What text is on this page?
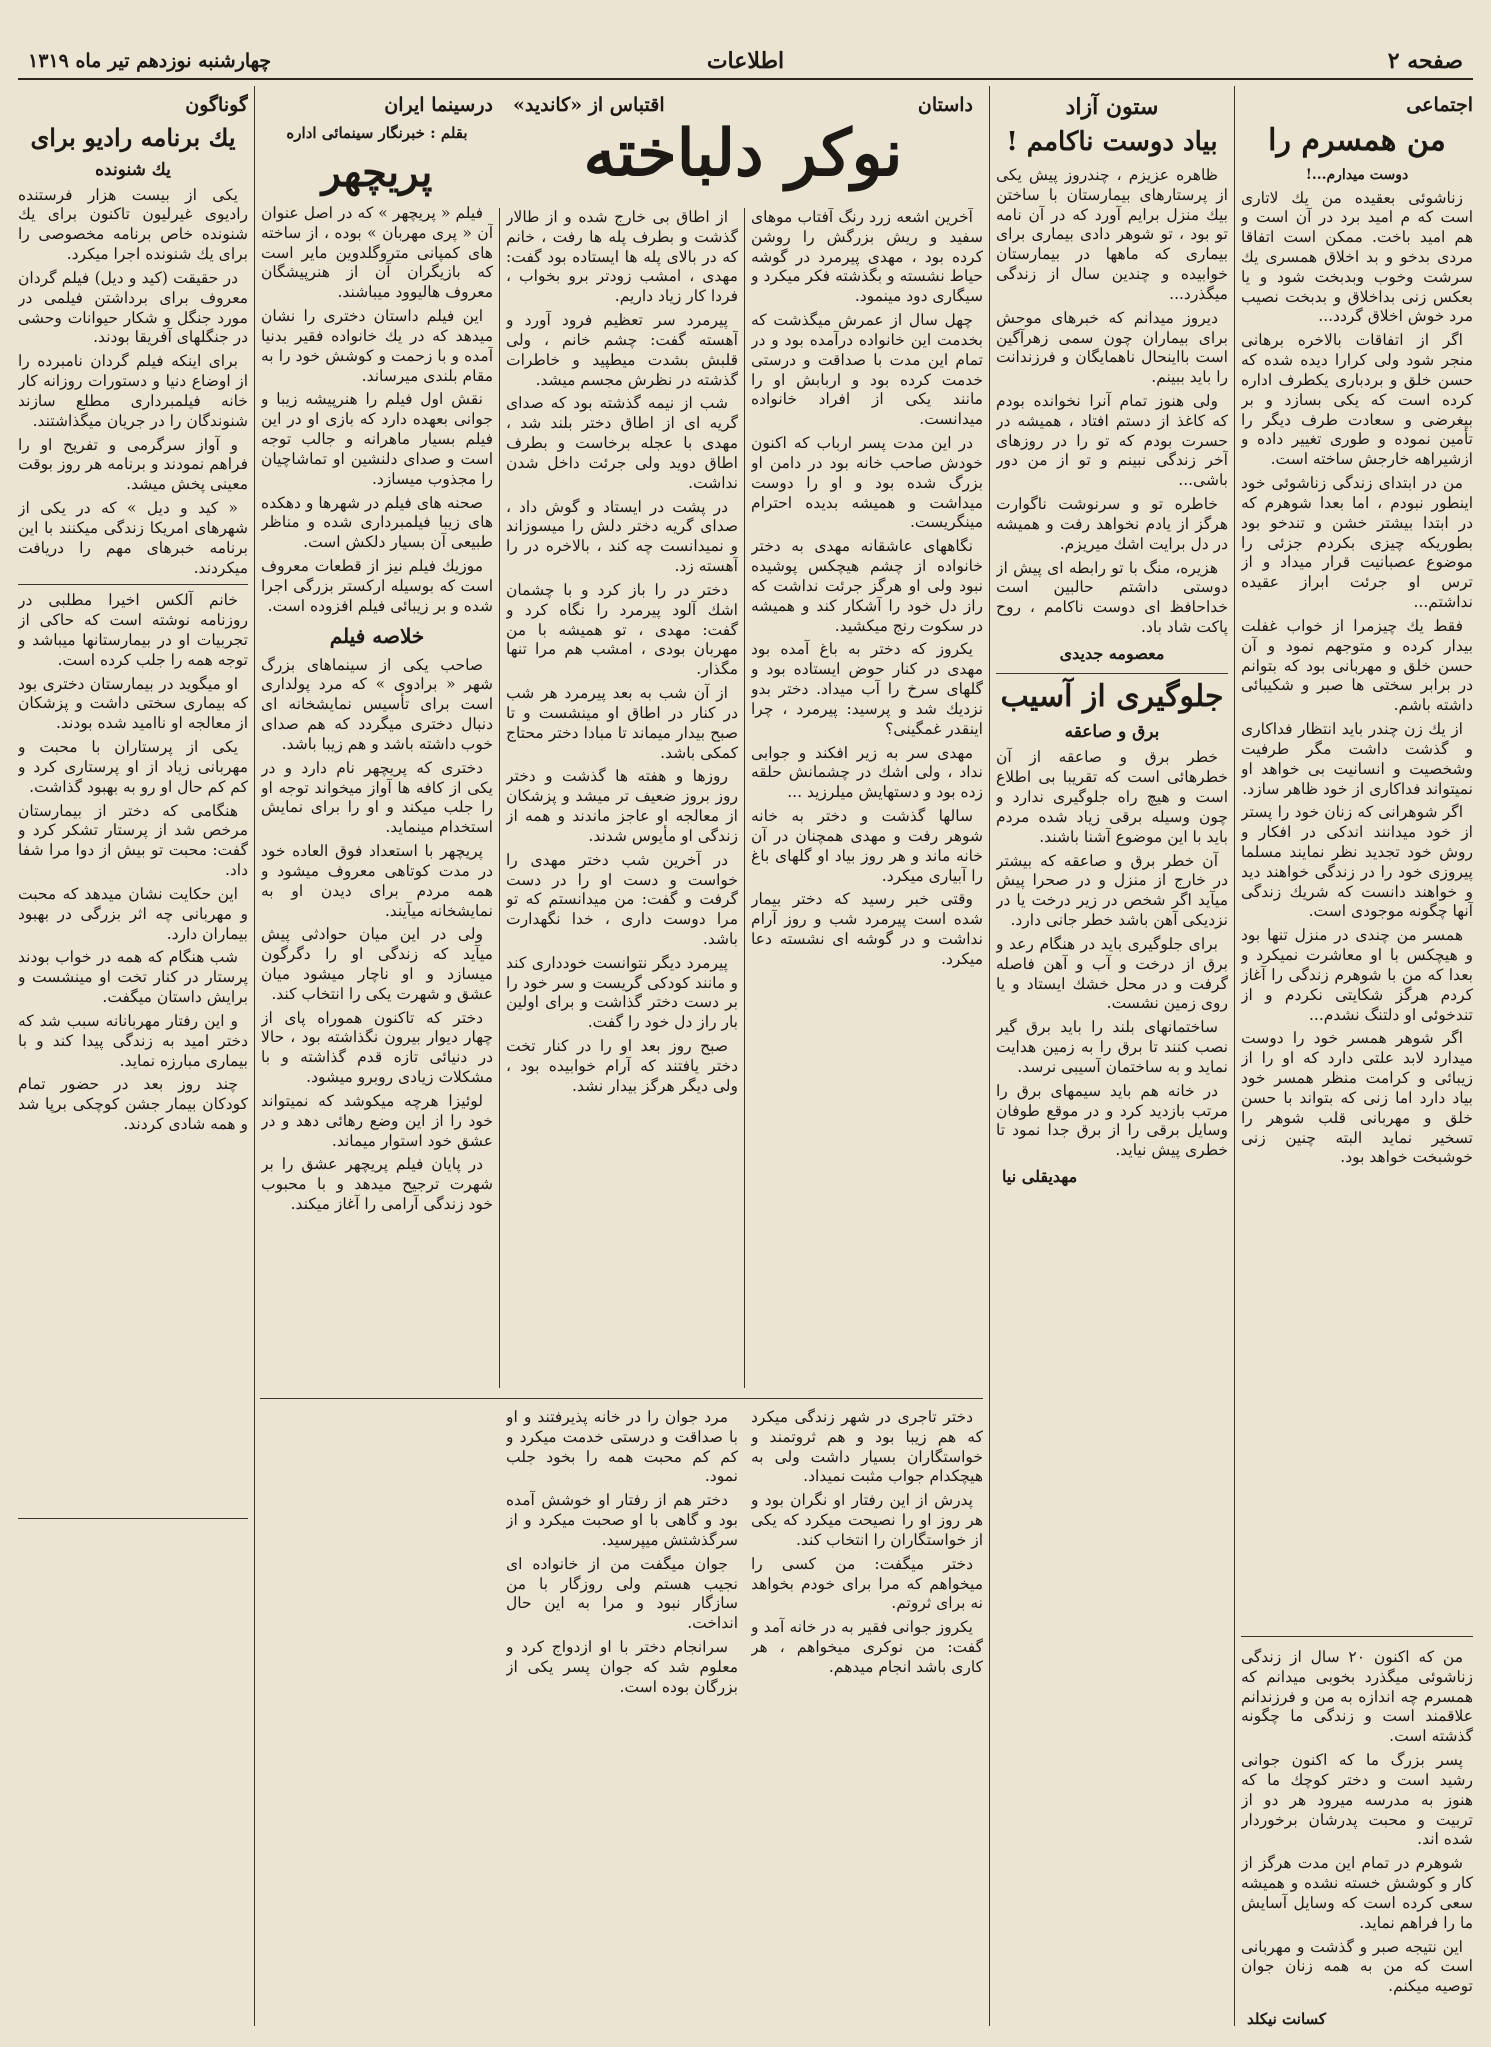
صفحه ۲
اطلاعات
چهارشنبه نوزدهم تیر ماه ۱۳۱۹
اجتماعی
من همسرم را
دوست میدارم...!

زناشوئی بعقیده من یك لاتاری است كه م امید برد در آن است و هم امید باخت. ممكن است اتفاقا مردی بدخو و بد اخلاق همسری یك سرشت وخوب وبدبخت شود و یا بعكس زنی بداخلاق و بدبخت نصیب مرد خوش اخلاق گردد...

اگر از اتفاقات بالاخره برهانی منجر شود ولی كرارا دیده شده كه حسن خلق و بردباری یكطرف اداره كرده است كه یكی بسازد و بر بیغرضی و سعادت طرف دیگر را تأمین نموده و طوری تغییر داده و ازشیراهه خارجش ساخته است.

من در ابتدای زندگی زناشوئی خود اینطور نبودم ، اما بعدا شوهرم كه در ابتدا بیشتر خشن و تندخو بود بطوریكه چیزی بكردم جزئی را موضوع عصبانیت قرار میداد و از ترس او جرئت ابراز عقیده نداشتم...

فقط یك چیزمرا از خواب غفلت بیدار كرده و متوجهم نمود و آن حسن خلق و مهربانی بود كه بتوانم در برابر سختی ها صبر و شكیبائی داشته باشم.

از یك زن چندر باید انتظار فداكاری و گذشت داشت مگر طرفیت وشخصیت و انسانیت بی خواهد او نمیتواند فداكاری از خود ظاهر سازد.

اگر شوهرانی كه زنان خود را پستر از خود میدانند اندكی در افكار و روش خود تجدید نظر نمایند مسلما پیروزی خود را در زندگی خواهند دید و خواهند دانست كه شریك زندگی آنها چگونه موجودی است.

همسر من چندی در منزل تنها بود و هیچكس با او معاشرت نمیكرد و بعدا كه من با شوهرم زندگی را آغاز كردم هرگز شكایتی نكردم و از تندخوئی او دلتنگ نشدم...

اگر شوهر همسر خود را دوست میدارد لابد علتی دارد كه او را از زیبائی و كرامت منظر همسر خود بیاد دارد اما زنی كه بتواند با حسن خلق و مهربانی قلب شوهر را تسخیر نماید البته چنین زنی خوشبخت خواهد بود.

من كه اكنون ۲۰ سال از زندگی زناشوئی میگذرد بخوبی میدانم كه همسرم چه اندازه به من و فرزندانم علاقمند است و زندگی ما چگونه گذشته است.

پسر بزرگ ما كه اكنون جوانی رشید است و دختر كوچك ما كه هنوز به مدرسه میرود هر دو از تربیت و محبت پدرشان برخوردار شده اند.

شوهرم در تمام این مدت هرگز از كار و كوشش خسته نشده و همیشه سعی كرده است كه وسایل آسایش ما را فراهم نماید.

این نتیجه صبر و گذشت و مهربانی است كه من به همه زنان جوان توصیه میكنم.

كسانت نیكلد
ستون آزاد
بیاد دوست ناكامم !

ظاهره عزیزم ، چندروز پیش یكی از پرستارهای بیمارستان با ساختن بیك منزل برایم آورد كه در آن نامه تو بود ، تو شوهر دادی بیماری برای بیماری كه ماهها در بیمارستان خوابیده و چندین سال از زندگی میگذرد...

دیروز میدانم كه خبرهای موحش برای بیماران چون سمی زهرآگین است بااینحال ناهمایگان و فرزندانت را باید ببینم.

ولی هنوز تمام آنرا نخوانده بودم كه كاغذ از دستم افتاد ، همیشه در حسرت بودم كه تو را در روزهای آخر زندگی نبینم و تو از من دور باشی...

خاطره تو و سرنوشت ناگوارت هرگز از یادم نخواهد رفت و همیشه در دل برایت اشك میریزم.

هزیره، منگ با تو رابطه ای پیش از دوستی داشتم حالبین است خداحافظ ای دوست ناكامم ، روح پاكت شاد باد.

معصومه جدیدی
جلوگیری از آسیب
برق و صاعقه

خطر برق و صاعقه از آن خطرهائی است كه تقریبا بی اطلاع است و هیچ راه جلوگیری ندارد و چون وسیله برقی زیاد شده مردم باید با این موضوع آشنا باشند.

آن خطر برق و صاعقه كه بیشتر در خارج از منزل و در صحرا پیش میآید اگر شخص در زیر درخت یا در نزدیكی آهن باشد خطر جانی دارد.

برای جلوگیری باید در هنگام رعد و برق از درخت و آب و آهن فاصله گرفت و در محل خشك ایستاد و یا روی زمین نشست.

ساختمانهای بلند را باید برق گیر نصب كنند تا برق را به زمین هدایت نماید و به ساختمان آسیبی نرسد.

در خانه هم باید سیمهای برق را مرتب بازدید كرد و در موقع طوفان وسایل برقی را از برق جدا نمود تا خطری پیش نیاید.

مهدیقلی نیا
داستان
اقتباس از «كاندید»
نوكر دلباخته

آخرین اشعه زرد رنگ آفتاب موهای سفید و ریش بزرگش را روشن كرده بود ، مهدی پیرمرد در گوشه حیاط نشسته و بگذشته فكر میكرد و سیگاری دود مینمود.

چهل سال از عمرش میگذشت كه بخدمت این خانواده درآمده بود و در تمام این مدت با صداقت و درستی خدمت كرده بود و اربابش او را مانند یكی از افراد خانواده میدانست.

در این مدت پسر ارباب كه اكنون خودش صاحب خانه بود در دامن او بزرگ شده بود و او را دوست میداشت و همیشه بدیده احترام مینگریست.

نگاههای عاشقانه مهدی به دختر خانواده از چشم هیچكس پوشیده نبود ولی او هرگز جرئت نداشت كه راز دل خود را آشكار كند و همیشه در سكوت رنج میكشید.

یكروز كه دختر به باغ آمده بود مهدی در كنار حوض ایستاده بود و گلهای سرخ را آب میداد. دختر بدو نزدیك شد و پرسید: پیرمرد ، چرا اینقدر غمگینی؟

مهدی سر به زیر افكند و جوابی نداد ، ولی اشك در چشمانش حلقه زده بود و دستهایش میلرزید ...

سالها گذشت و دختر به خانه شوهر رفت و مهدی همچنان در آن خانه ماند و هر روز بیاد او گلهای باغ را آبیاری میكرد.

وقتی خبر رسید كه دختر بیمار شده است پیرمرد شب و روز آرام نداشت و در گوشه ای نشسته دعا میكرد.

از اطاق بی خارج شده و از طالار گذشت و بطرف پله ها رفت ، خانم كه در بالای پله ها ایستاده بود گفت: مهدی ، امشب زودتر برو بخواب ، فردا كار زیاد داریم.

پیرمرد سر تعظیم فرود آورد و آهسته گفت: چشم خانم ، ولی قلبش بشدت میطپید و خاطرات گذشته در نظرش مجسم میشد.

شب از نیمه گذشته بود كه صدای گریه ای از اطاق دختر بلند شد ، مهدی با عجله برخاست و بطرف اطاق دوید ولی جرئت داخل شدن نداشت.

در پشت در ایستاد و گوش داد ، صدای گریه دختر دلش را میسوزاند و نمیدانست چه كند ، بالاخره در را آهسته زد.

دختر در را باز كرد و با چشمان اشك آلود پیرمرد را نگاه كرد و گفت: مهدی ، تو همیشه با من مهربان بودی ، امشب هم مرا تنها مگذار.

از آن شب به بعد پیرمرد هر شب در كنار در اطاق او مینشست و تا صبح بیدار میماند تا مبادا دختر محتاج كمكی باشد.

روزها و هفته ها گذشت و دختر روز بروز ضعیف تر میشد و پزشكان از معالجه او عاجز ماندند و همه از زندگی او مأیوس شدند.

در آخرین شب دختر مهدی را خواست و دست او را در دست گرفت و گفت: من میدانستم كه تو مرا دوست داری ، خدا نگهدارت باشد.

پیرمرد دیگر نتوانست خودداری كند و مانند كودكی گریست و سر خود را بر دست دختر گذاشت و برای اولین بار راز دل خود را گفت.

صبح روز بعد او را در كنار تخت دختر یافتند كه آرام خوابیده بود ، ولی دیگر هرگز بیدار نشد.

دختر تاجری در شهر زندگی میكرد كه هم زیبا بود و هم ثروتمند و خواستگاران بسیار داشت ولی به هیچكدام جواب مثبت نمیداد.

پدرش از این رفتار او نگران بود و هر روز او را نصیحت میكرد كه یكی از خواستگاران را انتخاب كند.

دختر میگفت: من كسی را میخواهم كه مرا برای خودم بخواهد نه برای ثروتم.

یكروز جوانی فقیر به در خانه آمد و گفت: من نوكری میخواهم ، هر كاری باشد انجام میدهم.

مرد جوان را در خانه پذیرفتند و او با صداقت و درستی خدمت میكرد و كم كم محبت همه را بخود جلب نمود.

دختر هم از رفتار او خوشش آمده بود و گاهی با او صحبت میكرد و از سرگذشتش میپرسید.

جوان میگفت من از خانواده ای نجیب هستم ولی روزگار با من سازگار نبود و مرا به این حال انداخت.

سرانجام دختر با او ازدواج كرد و معلوم شد كه جوان پسر یكی از بزرگان بوده است.

درسینما ایران
بقلم : خبرنگار سینمائی اداره
پریچهر

فیلم « پریچهر » كه در اصل عنوان آن « پری مهربان » بوده ، از ساخته های كمپانی متروگلدوین مایر است كه بازیگران آن از هنرپیشگان معروف هالیوود میباشند.

این فیلم داستان دختری را نشان میدهد كه در یك خانواده فقیر بدنیا آمده و با زحمت و كوشش خود را به مقام بلندی میرساند.

نقش اول فیلم را هنرپیشه زیبا و جوانی بعهده دارد كه بازی او در این فیلم بسیار ماهرانه و جالب توجه است و صدای دلنشین او تماشاچیان را مجذوب میسازد.

صحنه های فیلم در شهرها و دهكده های زیبا فیلمبرداری شده و مناظر طبیعی آن بسیار دلكش است.

موزیك فیلم نیز از قطعات معروف است كه بوسیله اركستر بزرگی اجرا شده و بر زیبائی فیلم افزوده است.

خلاصه فیلم

صاحب یكی از سینماهای بزرگ شهر « برادوی » كه مرد پولداری است برای تأسیس نمایشخانه ای دنبال دختری میگردد كه هم صدای خوب داشته باشد و هم زیبا باشد.

دختری كه پریچهر نام دارد و در یكی از كافه ها آواز میخواند توجه او را جلب میكند و او را برای نمایش استخدام مینماید.

پریچهر با استعداد فوق العاده خود در مدت كوتاهی معروف میشود و همه مردم برای دیدن او به نمایشخانه میآیند.

ولی در این میان حوادثی پیش میآید كه زندگی او را دگرگون میسازد و او ناچار میشود میان عشق و شهرت یكی را انتخاب كند.

دختر كه تاكنون هموراه پای از چهار دیوار بیرون نگذاشته بود ، حالا در دنیائی تازه قدم گذاشته و با مشكلات زیادی روبرو میشود.

لوئیزا هرچه میكوشد كه نمیتواند خود را از این وضع رهائی دهد و در عشق خود استوار میماند.

در پایان فیلم پریچهر عشق را بر شهرت ترجیح میدهد و با محبوب خود زندگی آرامی را آغاز میكند.

گوناگون
یك برنامه رادیو برای
یك شنونده

یكی از بیست هزار فرستنده رادیوی غیرلیون تاكنون برای یك شنونده خاص برنامه مخصوصی را برای یك شنونده اجرا میكرد.

در حقیقت (كید و دیل) فیلم گردان معروف برای برداشتن فیلمی در مورد جنگل و شكار حیوانات وحشی در جنگلهای آفریقا بودند.

برای اینكه فیلم گردان نامبرده را از اوضاع دنیا و دستورات روزانه كار خانه فیلمبرداری مطلع سازند شنوندگان را در جریان میگذاشتند.

و آواز سرگرمی و تفریح او را فراهم نمودند و برنامه هر روز بوقت معینی پخش میشد.

« كید و دیل » كه در یكی از شهرهای امریكا زندگی میكنند با این برنامه خبرهای مهم را دریافت میكردند.

خانم آلكس اخیرا مطلبی در روزنامه نوشته است كه حاكی از تجربیات او در بیمارستانها میباشد و توجه همه را جلب كرده است.

او میگوید در بیمارستان دختری بود كه بیماری سختی داشت و پزشكان از معالجه او ناامید شده بودند.

یكی از پرستاران با محبت و مهربانی زیاد از او پرستاری كرد و كم كم حال او رو به بهبود گذاشت.

هنگامی كه دختر از بیمارستان مرخص شد از پرستار تشكر كرد و گفت: محبت تو بیش از دوا مرا شفا داد.

این حكایت نشان میدهد كه محبت و مهربانی چه اثر بزرگی در بهبود بیماران دارد.

شب هنگام كه همه در خواب بودند پرستار در كنار تخت او مینشست و برایش داستان میگفت.

و این رفتار مهربانانه سبب شد كه دختر امید به زندگی پیدا كند و با بیماری مبارزه نماید.

چند روز بعد در حضور تمام كودكان بیمار جشن كوچكی برپا شد و همه شادی كردند.
